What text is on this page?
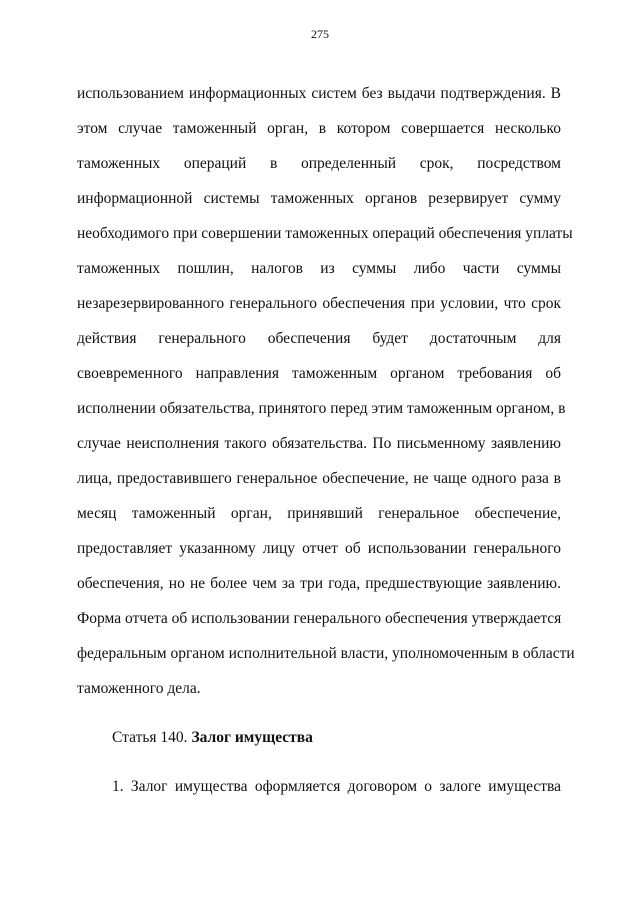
275
использованием информационных систем без выдачи подтверждения. В
этом случае таможенный орган, в котором совершается несколько
таможенных операций в определенный срок, посредством
информационной системы таможенных органов резервирует сумму
необходимого при совершении таможенных операций обеспечения уплаты
таможенных пошлин, налогов из суммы либо части суммы
незарезервированного генерального обеспечения при условии, что срок
действия генерального обеспечения будет достаточным для
своевременного направления таможенным органом требования об
исполнении обязательства, принятого перед этим таможенным органом, в
случае неисполнения такого обязательства. По письменному заявлению
лица, предоставившего генеральное обеспечение, не чаще одного раза в
месяц таможенный орган, принявший генеральное обеспечение,
предоставляет указанному лицу отчет об использовании генерального
обеспечения, но не более чем за три года, предшествующие заявлению.
Форма отчета об использовании генерального обеспечения утверждается
федеральным органом исполнительной власти, уполномоченным в области
таможенного дела.
Статья 140. Залог имущества
1. Залог имущества оформляется договором о залоге имущества
